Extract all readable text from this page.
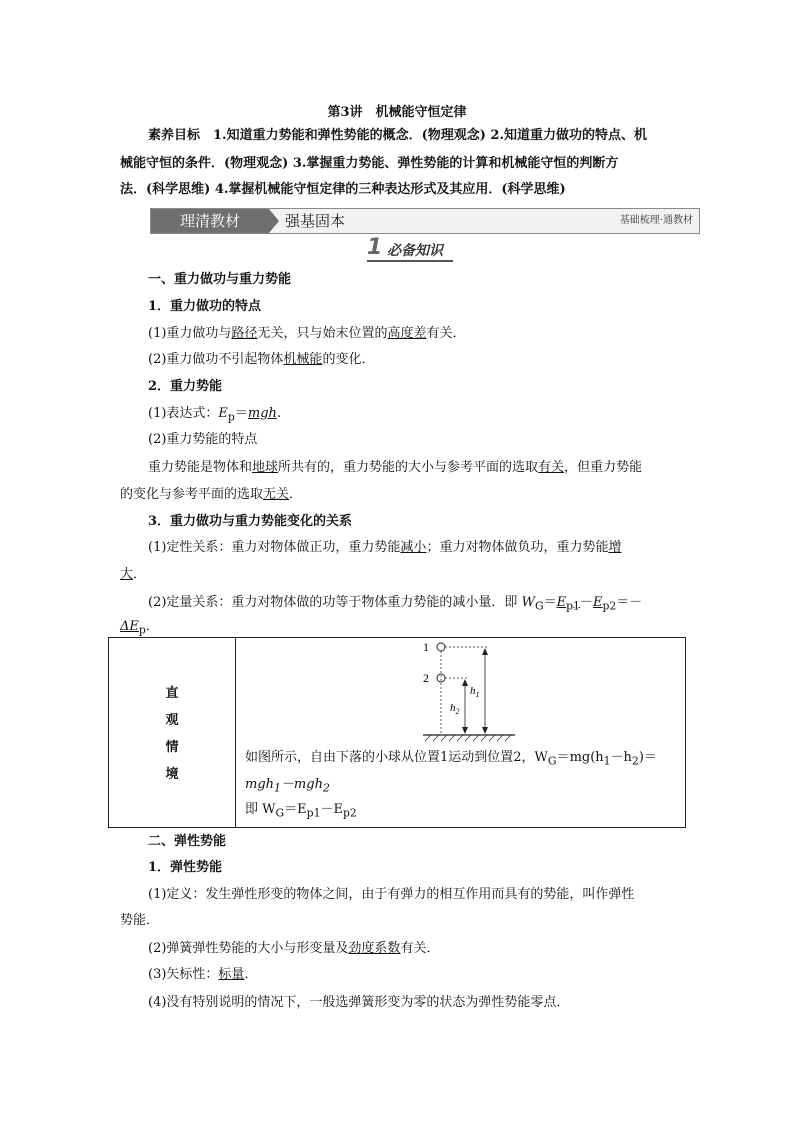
第3讲　机械能守恒定律
素养目标　1.知道重力势能和弹性势能的概念．(物理观念) 2.知道重力做功的特点、机
械能守恒的条件．(物理观念) 3.掌握重力势能、弹性势能的计算和机械能守恒的判断方
法．(科学思维) 4.掌握机械能守恒定律的三种表达形式及其应用．(科学思维)
理清教材	强基固本	基础梳理·通教材
1 必备知识
一、重力做功与重力势能
1．重力做功的特点
(1)重力做功与路径无关，只与始末位置的高度差有关．
(2)重力做功不引起物体机械能的变化．
2．重力势能
(1)表达式：$E_p=mgh$.
(2)重力势能的特点
重力势能是物体和地球所共有的，重力势能的大小与参考平面的选取有关，但重力势能
的变化与参考平面的选取无关．
3．重力做功与重力势能变化的关系
(1)定性关系：重力对物体做正功，重力势能减小；重力对物体做负功，重力势能增
大．
(2)定量关系：重力对物体做的功等于物体重力势能的减小量．即 $W_G=E_{p1}-E_{p2}=-$
$\Delta E_p$．
直
观
情
境
1
2
$h_1$
$h_2$
如图所示，自由下落的小球从位置1运动到位置2，$W_G=mg(h_1-h_2)=$
mgh$_1$－mgh$_2$
即 $W_G=E_{p1}-E_{p2}$
二、弹性势能
1．弹性势能
(1)定义：发生弹性形变的物体之间，由于有弹力的相互作用而具有的势能，叫作弹性
势能．
(2)弹簧弹性势能的大小与形变量及劲度系数有关．
(3)矢标性：标量．
(4)没有特别说明的情况下，一般选弹簧形变为零的状态为弹性势能零点．
